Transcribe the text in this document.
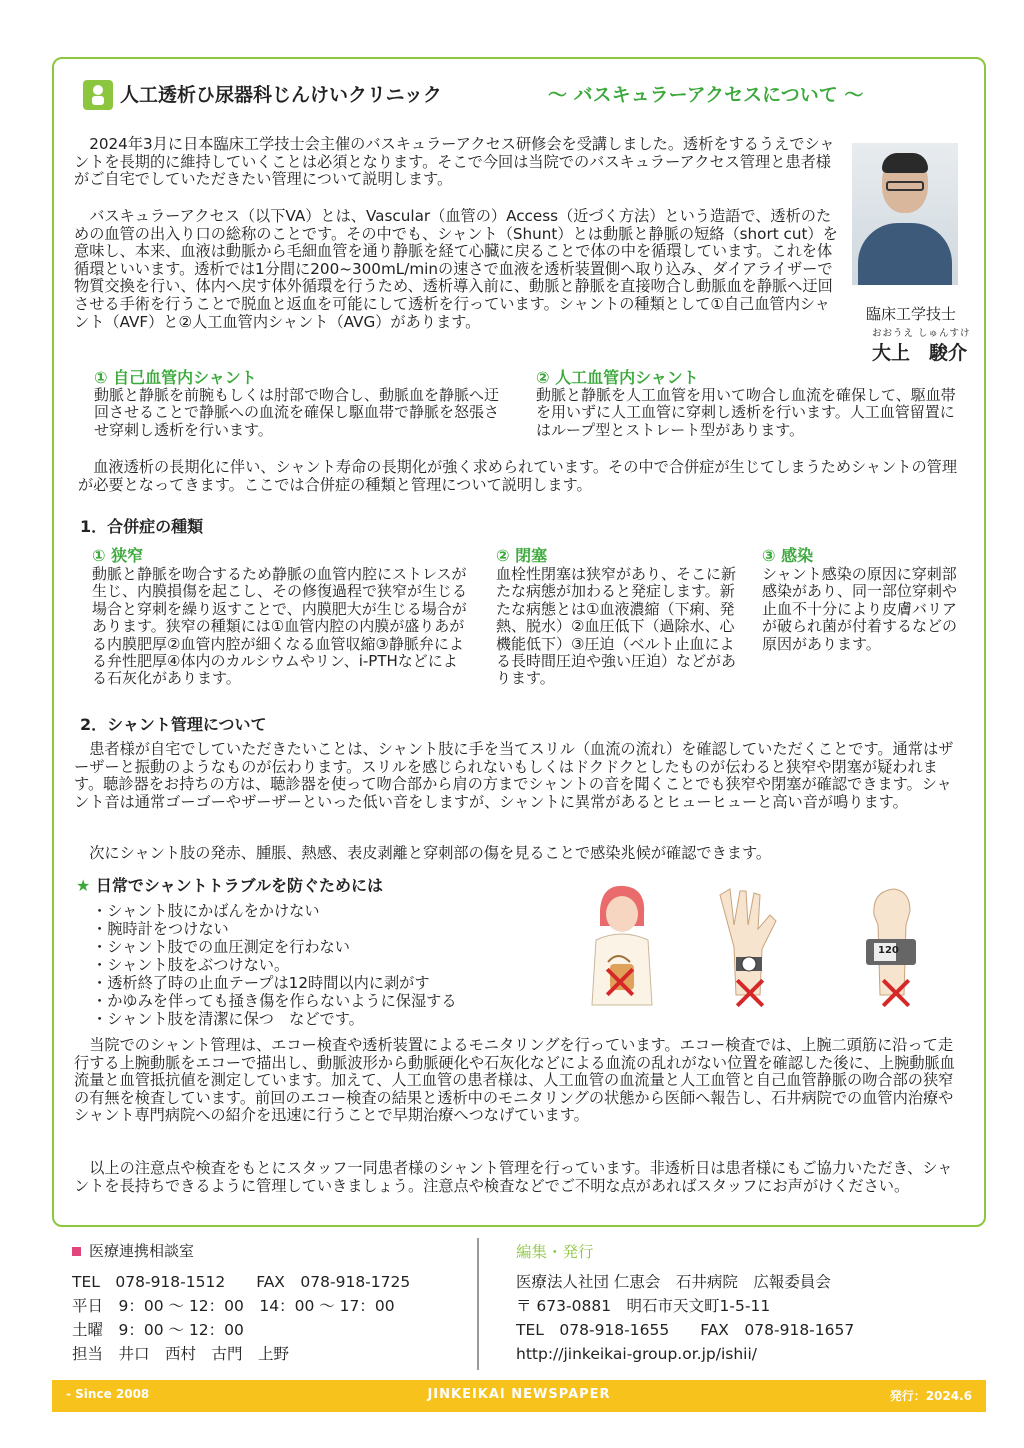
人工透析ひ尿器科じんけいクリニック	～ バスキュラーアクセスについて ～
2024年3月に日本臨床工学技士会主催のバスキュラーアクセス研修会を受講しました。透析をするうえでシャントを長期的に維持していくことは必須となります。そこで今回は当院でのバスキュラーアクセス管理と患者様がご自宅でしていただきたい管理について説明します。
バスキュラーアクセス（以下VA）とは、Vascular（血管の）Access（近づく方法）という造語で、透析のための血管の出入り口の総称のことです。その中でも、シャント（Shunt）とは動脈と静脈の短絡（short cut）を意味し、本来、血液は動脈から毛細血管を通り静脈を経て心臓に戻ることで体の中を循環しています。これを体循環といいます。透析では1分間に200~300mL/minの速さで血液を透析装置側へ取り込み、ダイアライザーで物質交換を行い、体内へ戻す体外循環を行うため、透析導入前に、動脈と静脈を直接吻合し動脈血を静脈へ迂回させる手術を行うことで脱血と返血を可能にして透析を行っています。シャントの種類として①自己血管内シャント（AVF）と②人工血管内シャント（AVG）があります。	臨床工学技士
おおうえ しゅんすけ
大上　駿介
① 自己血管内シャント
動脈と静脈を前腕もしくは肘部で吻合し、動脈血を静脈へ迂回させることで静脈への血流を確保し駆血帯で静脈を怒張させ穿刺し透析を行います。
② 人工血管内シャント
動脈と静脈を人工血管を用いて吻合し血流を確保して、駆血帯を用いずに人工血管に穿刺し透析を行います。人工血管留置にはループ型とストレート型があります。
血液透析の長期化に伴い、シャント寿命の長期化が強く求められています。その中で合併症が生じてしまうためシャントの管理が必要となってきます。ここでは合併症の種類と管理について説明します。
1．合併症の種類
① 狭窄
動脈と静脈を吻合するため静脈の血管内腔にストレスが生じ、内膜損傷を起こし、その修復過程で狭窄が生じる場合と穿刺を繰り返すことで、内膜肥大が生じる場合があります。狭窄の種類には①血管内腔の内膜が盛りあがる内膜肥厚②血管内腔が細くなる血管収縮③静脈弁による弁性肥厚④体内のカルシウムやリン、i-PTHなどによる石灰化があります。
② 閉塞
血栓性閉塞は狭窄があり、そこに新たな病態が加わると発症します。新たな病態とは①血液濃縮（下痢、発熱、脱水）②血圧低下（過除水、心機能低下）③圧迫（ベルト止血による長時間圧迫や強い圧迫）などがあります。
③ 感染
シャント感染の原因に穿刺部感染があり、同一部位穿刺や止血不十分により皮膚バリアが破られ菌が付着するなどの原因があります。
2．シャント管理について
患者様が自宅でしていただきたいことは、シャント肢に手を当てスリル（血流の流れ）を確認していただくことです。通常はザーザーと振動のようなものが伝わります。スリルを感じられないもしくはドクドクとしたものが伝わると狭窄や閉塞が疑われます。聴診器をお持ちの方は、聴診器を使って吻合部から肩の方までシャントの音を聞くことでも狭窄や閉塞が確認できます。シャント音は通常ゴーゴーやザーザーといった低い音をしますが、シャントに異常があるとヒューヒューと高い音が鳴ります。
次にシャント肢の発赤、腫脹、熱感、表皮剥離と穿刺部の傷を見ることで感染兆候が確認できます。
★ 日常でシャントトラブルを防ぐためには
・シャント肢にかばんをかけない
・腕時計をつけない
・シャント肢での血圧測定を行わない
・シャント肢をぶつけない。
・透析終了時の止血テープは12時間以内に剥がす
・かゆみを伴っても掻き傷を作らないように保湿する
・シャント肢を清潔に保つ　などです。
120
当院でのシャント管理は、エコー検査や透析装置によるモニタリングを行っています。エコー検査では、上腕二頭筋に沿って走行する上腕動脈をエコーで描出し、動脈波形から動脈硬化や石灰化などによる血流の乱れがない位置を確認した後に、上腕動脈血流量と血管抵抗値を測定しています。加えて、人工血管の患者様は、人工血管の血流量と人工血管と自己血管静脈の吻合部の狭窄の有無を検査しています。前回のエコー検査の結果と透析中のモニタリングの状態から医師へ報告し、石井病院での血管内治療やシャント専門病院への紹介を迅速に行うことで早期治療へつなげています。
以上の注意点や検査をもとにスタッフ一同患者様のシャント管理を行っています。非透析日は患者様にもご協力いただき、シャントを長持ちできるように管理していきましょう。注意点や検査などでご不明な点があればスタッフにお声がけください。
医療連携相談室
TEL　078-918-1512　　FAX　078-918-1725
平日　9：00 ～ 12：00　14：00 ～ 17：00
土曜　9：00 ～ 12：00
担当　井口　西村　古門　上野
編集・発行
医療法人社団 仁恵会　石井病院　広報委員会
〒 673-0881　明石市天文町1-5-11
TEL　078-918-1655　　FAX　078-918-1657
http://jinkeikai-group.or.jp/ishii/
- Since 2008	JINKEIKAI NEWSPAPER	発行：2024.6
